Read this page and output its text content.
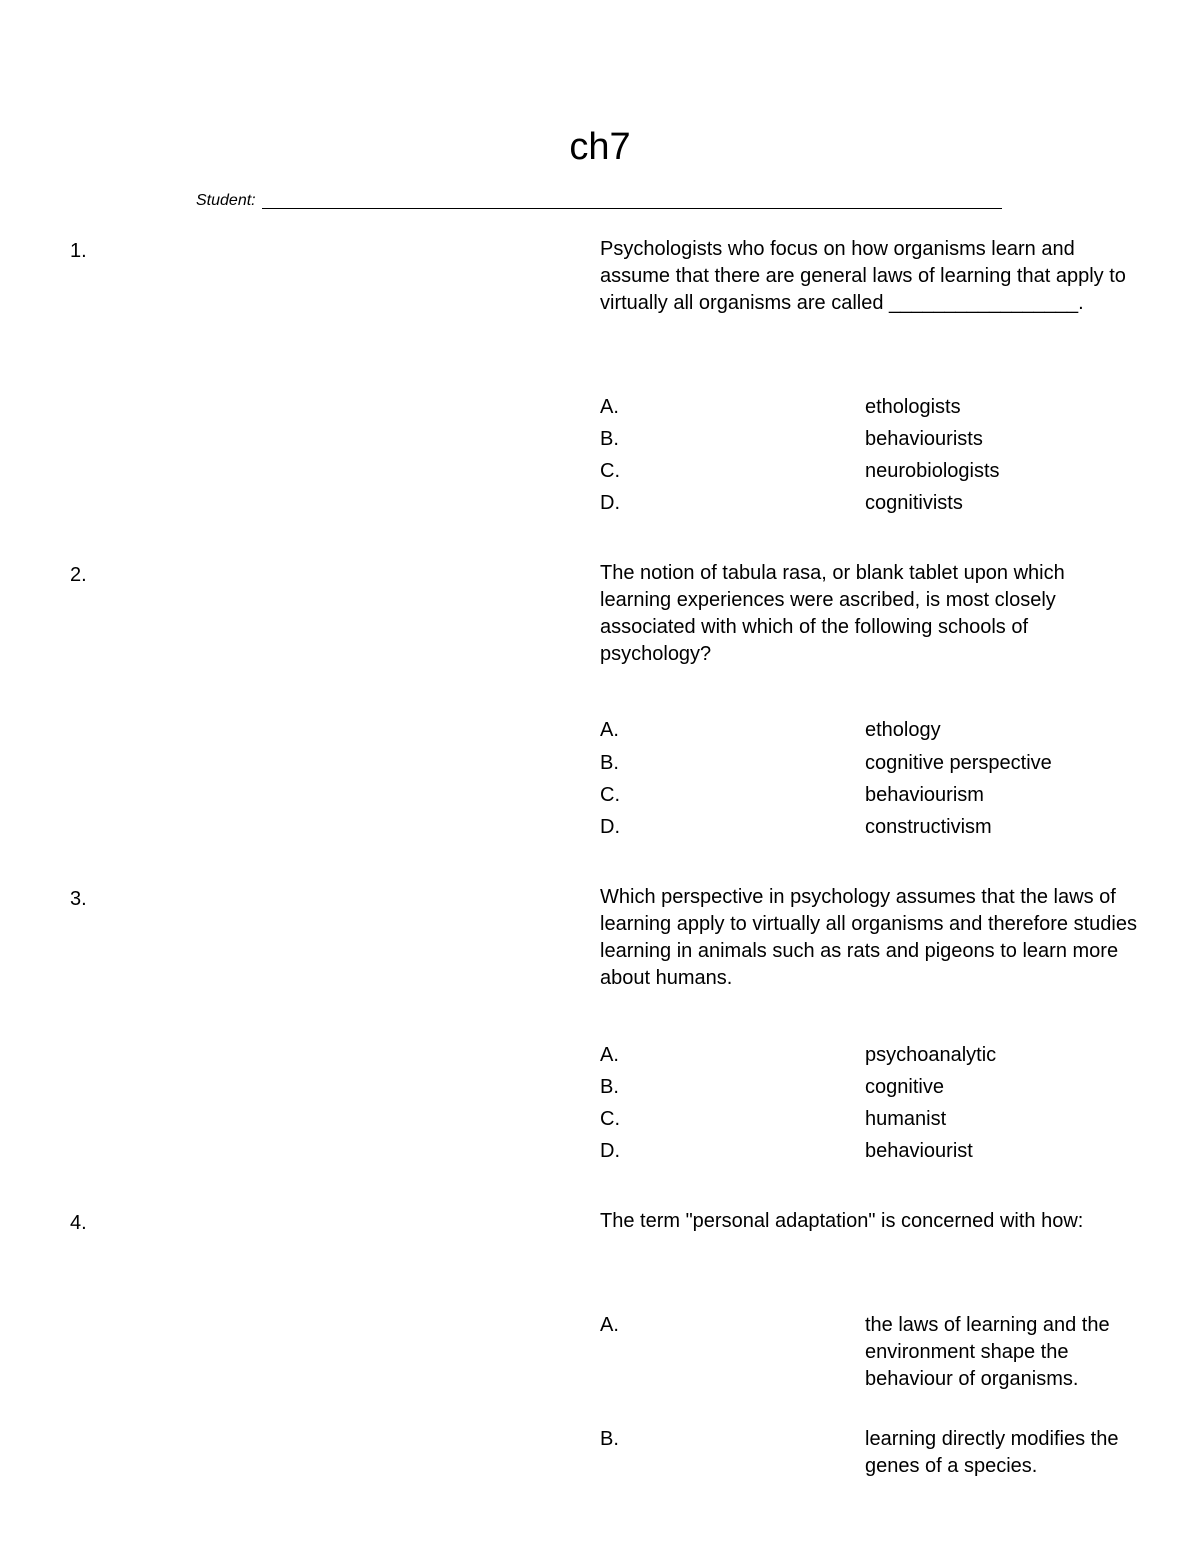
ch7
Student:
1.	Psychologists who focus on how organisms learn and assume that there are general laws of learning that apply to virtually all organisms are called _________________.
A.	ethologists
B.	behaviourists
C.	neurobiologists
D.	cognitivists
2.	The notion of tabula rasa, or blank tablet upon which learning experiences were ascribed, is most closely associated with which of the following schools of psychology?
A.	ethology
B.	cognitive perspective
C.	behaviourism
D.	constructivism
3.	Which perspective in psychology assumes that the laws of learning apply to virtually all organisms and therefore studies learning in animals such as rats and pigeons to learn more about humans.
A.	psychoanalytic
B.	cognitive
C.	humanist
D.	behaviourist
4.	The term "personal adaptation" is concerned with how:
A.	the laws of learning and the environment shape the behaviour of organisms.
B.	learning directly modifies the genes of a species.
